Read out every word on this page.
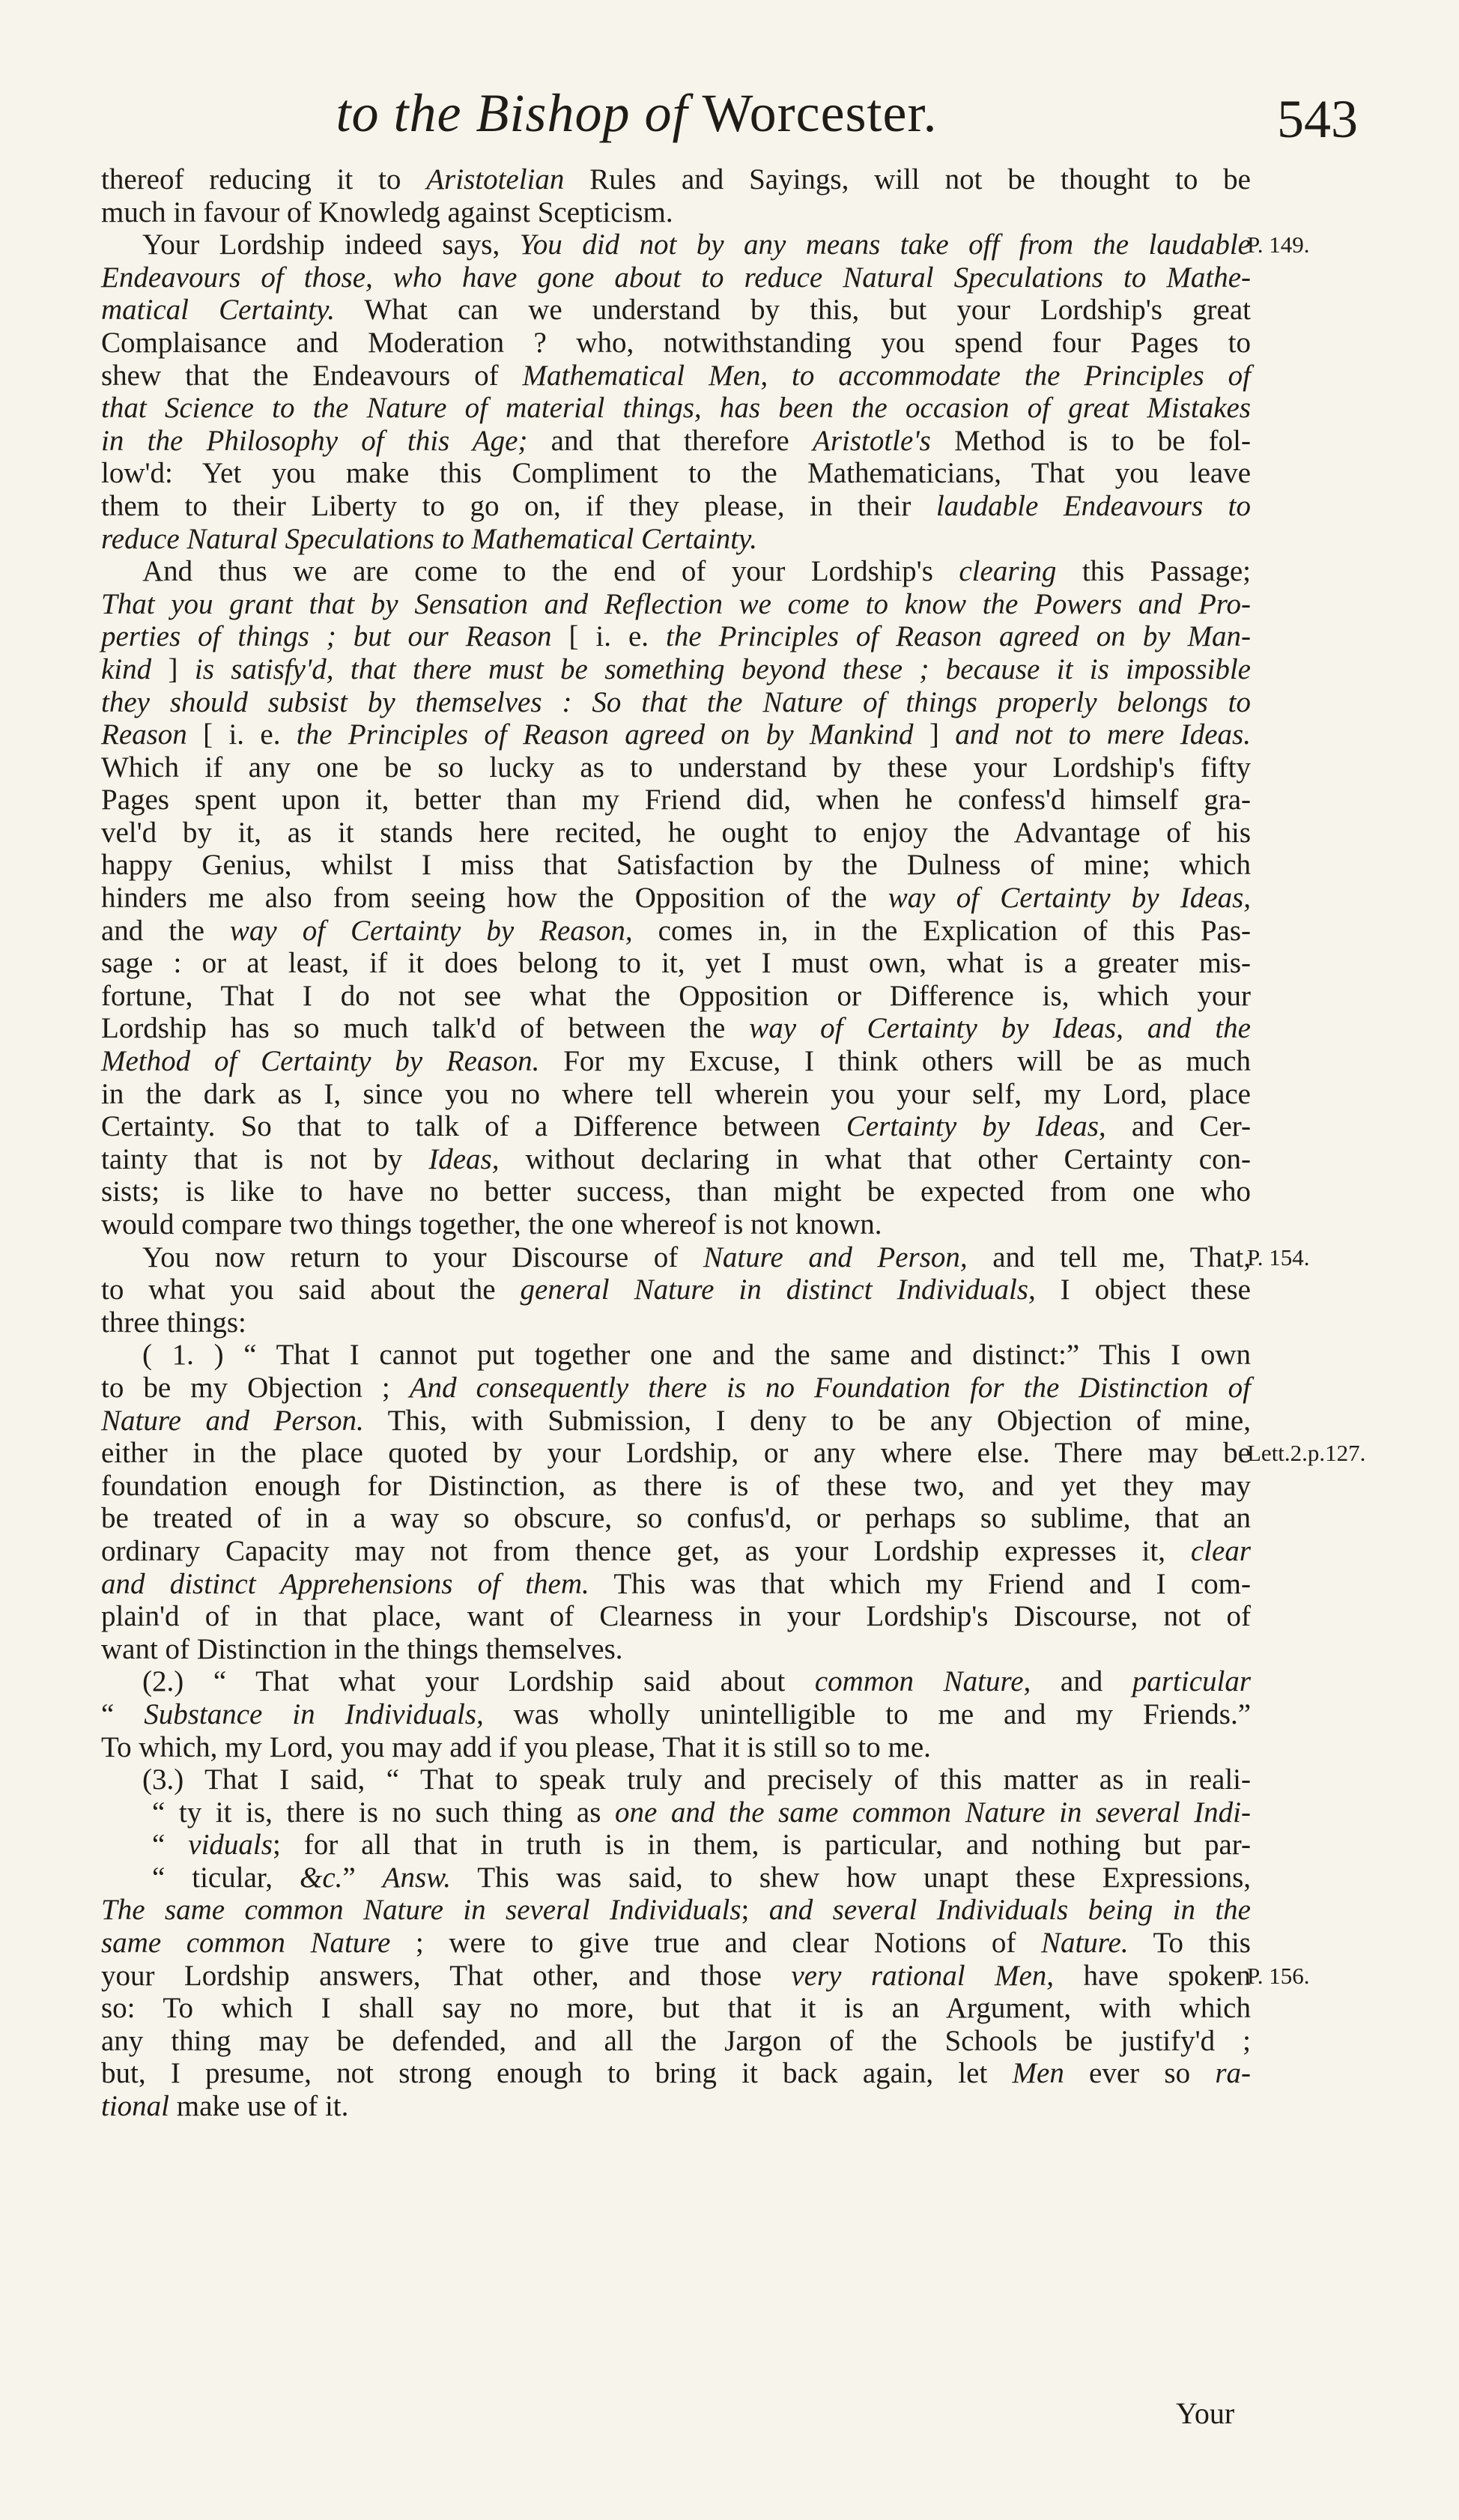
to the Bishop of Worcester.	543
thereof reducing it to Aristotelian Rules and Sayings, will not be thought to be
much in favour of Knowledg against Scepticism.
Your Lordship indeed says, You did not by any means take off from the laudable
Endeavours of those, who have gone about to reduce Natural Speculations to Mathe-
matical Certainty. What can we understand by this, but your Lordship's great
Complaisance and Moderation ? who, notwithstanding you spend four Pages to
shew that the Endeavours of Mathematical Men, to accommodate the Principles of
that Science to the Nature of material things, has been the occasion of great Mistakes
in the Philosophy of this Age; and that therefore Aristotle's Method is to be fol-
low'd: Yet you make this Compliment to the Mathematicians, That you leave
them to their Liberty to go on, if they please, in their laudable Endeavours to
reduce Natural Speculations to Mathematical Certainty.
And thus we are come to the end of your Lordship's clearing this Passage;
That you grant that by Sensation and Reflection we come to know the Powers and Pro-
perties of things ; but our Reason [ i. e. the Principles of Reason agreed on by Man-
kind ] is satisfy'd, that there must be something beyond these ; because it is impossible
they should subsist by themselves : So that the Nature of things properly belongs to
Reason [ i. e. the Principles of Reason agreed on by Mankind ] and not to mere Ideas.
Which if any one be so lucky as to understand by these your Lordship's fifty
Pages spent upon it, better than my Friend did, when he confess'd himself gra-
vel'd by it, as it stands here recited, he ought to enjoy the Advantage of his
happy Genius, whilst I miss that Satisfaction by the Dulness of mine; which
hinders me also from seeing how the Opposition of the way of Certainty by Ideas,
and the way of Certainty by Reason, comes in, in the Explication of this Pas-
sage : or at least, if it does belong to it, yet I must own, what is a greater mis-
fortune, That I do not see what the Opposition or Difference is, which your
Lordship has so much talk'd of between the way of Certainty by Ideas, and the
Method of Certainty by Reason. For my Excuse, I think others will be as much
in the dark as I, since you no where tell wherein you your self, my Lord, place
Certainty. So that to talk of a Difference between Certainty by Ideas, and Cer-
tainty that is not by Ideas, without declaring in what that other Certainty con-
sists; is like to have no better success, than might be expected from one who
would compare two things together, the one whereof is not known.
You now return to your Discourse of Nature and Person, and tell me, That,
to what you said about the general Nature in distinct Individuals, I object these
three things:
( 1. ) “ That I cannot put together one and the same and distinct:” This I own
to be my Objection ; And consequently there is no Foundation for the Distinction of
Nature and Person. This, with Submission, I deny to be any Objection of mine,
either in the place quoted by your Lordship, or any where else. There may be
foundation enough for Distinction, as there is of these two, and yet they may
be treated of in a way so obscure, so confus'd, or perhaps so sublime, that an
ordinary Capacity may not from thence get, as your Lordship expresses it, clear
and distinct Apprehensions of them. This was that which my Friend and I com-
plain'd of in that place, want of Clearness in your Lordship's Discourse, not of
want of Distinction in the things themselves.
(2.) “ That what your Lordship said about common Nature, and particular
“ Substance in Individuals, was wholly unintelligible to me and my Friends.”
To which, my Lord, you may add if you please, That it is still so to me.
(3.) That I said, “ That to speak truly and precisely of this matter as in reali-
“ ty it is, there is no such thing as one and the same common Nature in several Indi-
“ viduals; for all that in truth is in them, is particular, and nothing but par-
“ ticular, &c.” Answ. This was said, to shew how unapt these Expressions,
The same common Nature in several Individuals; and several Individuals being in the
same common Nature ; were to give true and clear Notions of Nature. To this
your Lordship answers, That other, and those very rational Men, have spoken
so: To which I shall say no more, but that it is an Argument, with which
any thing may be defended, and all the Jargon of the Schools be justify'd ;
but, I presume, not strong enough to bring it back again, let Men ever so ra-
tional make use of it.
Your
P. 149.
P. 154.
Lett.2.p.127.
P. 156.
